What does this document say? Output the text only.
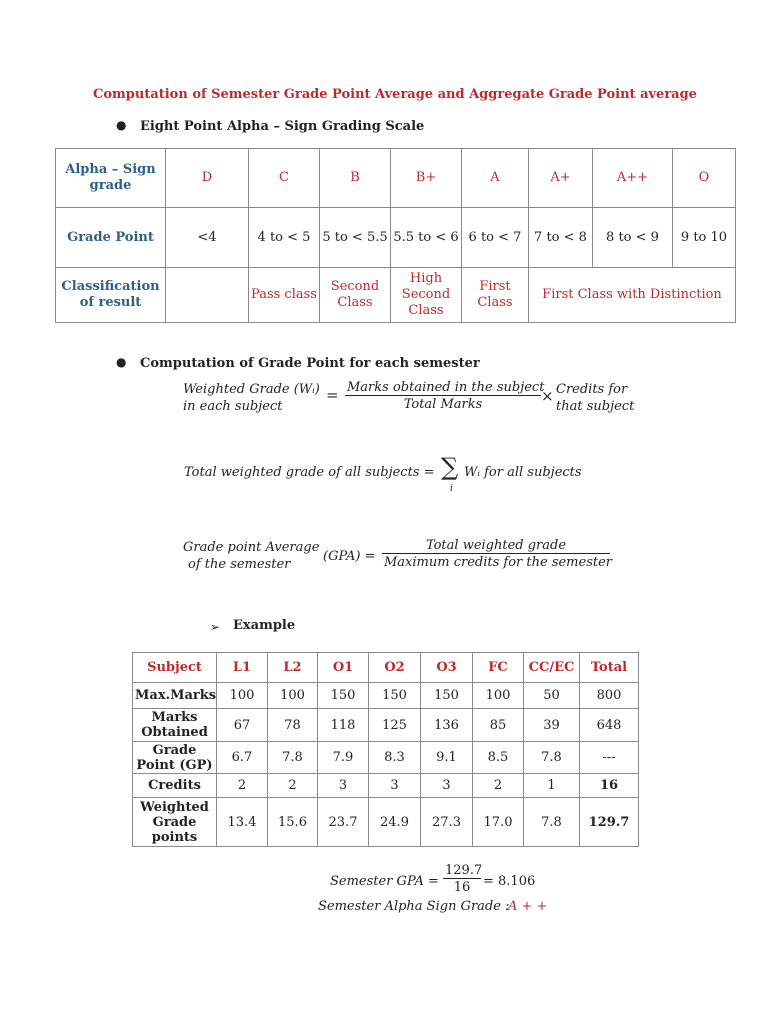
Computation of Semester Grade Point Average and Aggregate Grade Point average
● Eight Point Alpha – Sign Grading Scale
Alpha – Sign grade	D	C	B	B+	A	A+	A++	O
Grade Point	<4	4 to < 5	5 to < 5.5	5.5 to < 6	6 to < 7	7 to < 8	8 to < 9	9 to 10
Classification of result		Pass class	Second Class	High Second Class	First Class	First Class with Distinction		
● Computation of Grade Point for each semester
Weighted Grade (Wᵢ)
in each subject
= Marks obtained in the subject
Total Marks	× Credits for
that subject
Total weighted grade of all subjects = ∑
i
Wᵢ for all subjects
Grade point Average
of the semester
(GPA) =
Total weighted grade
Maximum credits for the semester
➢ Example
Subject	L1	L2	O1	O2	O3	FC	CC/EC	Total
Max.Marks	100	100	150	150	150	100	50	800
Marks Obtained	67	78	118	125	136	85	39	648
Grade Point (GP)	6.7	7.8	7.9	8.3	9.1	8.5	7.8	---
Credits	2	2	3	3	3	2	1	16
Weighted Grade points	13.4	15.6	23.7	24.9	27.3	17.0	7.8	129.7
Semester GPA = $\frac{129.7}{16} = 8.106$
Semester Alpha Sign Grade :
A + +
